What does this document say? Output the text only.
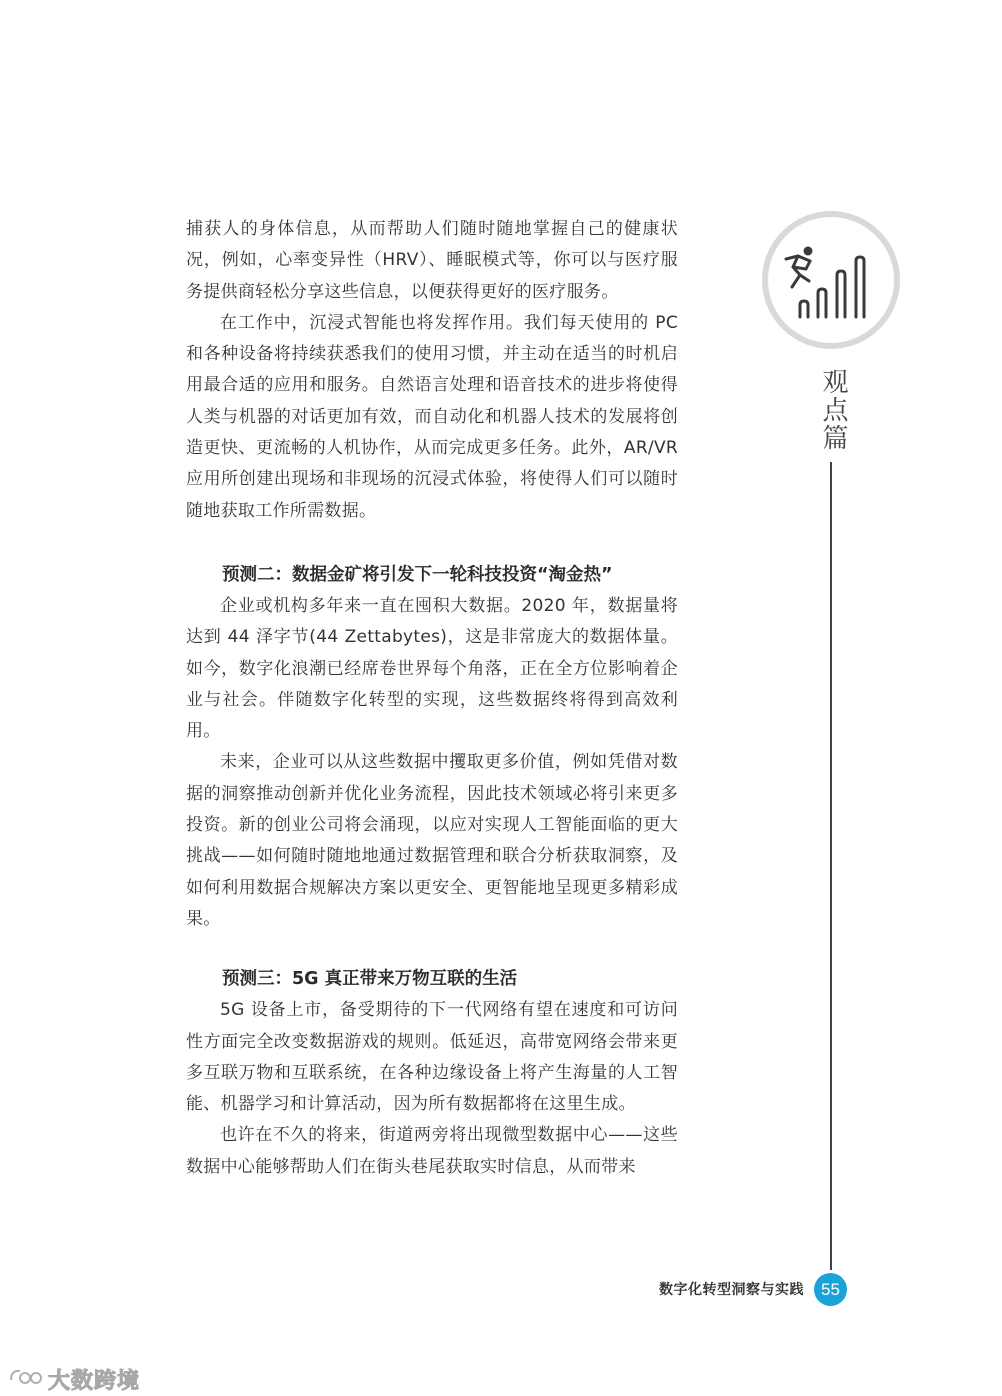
捕获人的身体信息，从而帮助人们随时随地掌握自己的健康状况，例如，心率变异性（HRV）、睡眠模式等，你可以与医疗服务提供商轻松分享这些信息，以便获得更好的医疗服务。

在工作中，沉浸式智能也将发挥作用。我们每天使用的 PC 和各种设备将持续获悉我们的使用习惯，并主动在适当的时机启用最合适的应用和服务。自然语言处理和语音技术的进步将使得人类与机器的对话更加有效，而自动化和机器人技术的发展将创造更快、更流畅的人机协作，从而完成更多任务。此外，AR/VR 应用所创建出现场和非现场的沉浸式体验，将使得人们可以随时随地获取工作所需数据。

预测二：数据金矿将引发下一轮科技投资“淘金热”

企业或机构多年来一直在囤积大数据。2020 年，数据量将达到 44 泽字节(44 Zettabytes)，这是非常庞大的数据体量。如今，数字化浪潮已经席卷世界每个角落，正在全方位影响着企业与社会。伴随数字化转型的实现，这些数据终将得到高效利用。

未来，企业可以从这些数据中攫取更多价值，例如凭借对数据的洞察推动创新并优化业务流程，因此技术领域必将引来更多投资。新的创业公司将会涌现，以应对实现人工智能面临的更大挑战——如何随时随地地通过数据管理和联合分析获取洞察，及如何利用数据合规解决方案以更安全、更智能地呈现更多精彩成果。

预测三：5G 真正带来万物互联的生活

5G 设备上市，备受期待的下一代网络有望在速度和可访问性方面完全改变数据游戏的规则。低延迟，高带宽网络会带来更多互联万物和互联系统，在各种边缘设备上将产生海量的人工智能、机器学习和计算活动，因为所有数据都将在这里生成。

也许在不久的将来，街道两旁将出现微型数据中心——这些数据中心能够帮助人们在街头巷尾获取实时信息，从而带来

观点篇
数字化转型洞察与实践	55
大数跨境
